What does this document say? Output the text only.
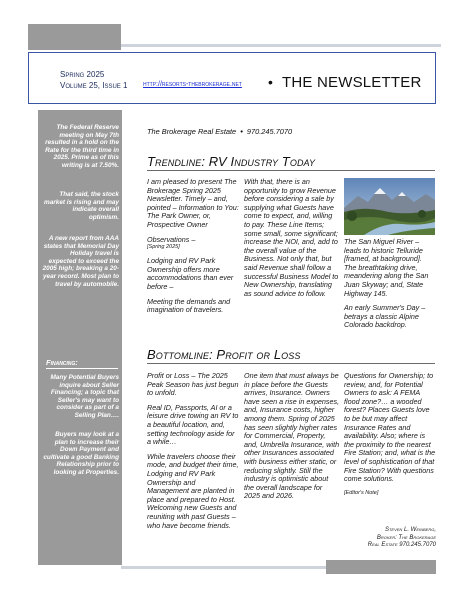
Spring 2025
Volume 25, Issue 1 http://resorts-thebrokerage.net • THE NEWSLETTER
The Federal Reserve meeting on May 7th resulted in a hold on the Rate for the third time in 2025. Prime as of this writing is at 7.50%.
That said, the stock market is rising and may indicate overall optimism.
A new report from AAA states that Memorial Day Holiday travel is expected to exceed the 2005 high; breaking a 20-year record. Most plan to travel by automobile.
Financing:
Many Potential Buyers inquire about Seller Financing; a topic that Seller's may want to consider as part of a Selling Plan….
Buyers may look at a plan to increase their Down Payment and cultivate a good Banking Relationship prior to looking at Properties.
The Brokerage Real Estate • 970.245.7070
Trendline: RV Industry Today

I am pleased to present The Brokerage Spring 2025 Newsletter. Timely – and, pointed – Information to You: The Park Owner, or, Prospective Owner

Observations –

[Spring 2025]

Lodging and RV Park Ownership offers more accommodations than ever before –

Meeting the demands and imagination of travelers.

With that, there is an opportunity to grow Revenue before considering a sale by supplying what Guests have come to expect, and, willing to pay. These Line Items; some small, some significant; increase the NOI, and, add to the overall value of the Business. Not only that, but said Revenue shall follow a successful Business Model to New Ownership, translating as sound advice to follow.

The San Miguel River – leads to historic Telluride [framed, at background]. The breathtaking drive, meandering along the San Juan Skyway; and, State Highway 145.

An early Summer's Day – betrays a classic Alpine Colorado backdrop.

Bottomline: Profit or Loss

Profit or Loss – The 2025 Peak Season has just begun to unfold.

Real ID, Passports, AI or a leisure drive towing an RV to a beautiful location, and, setting technology aside for a while…

While travelers choose their mode, and budget their time, Lodging and RV Park Ownership and Management are planted in place and prepared to Host. Welcoming new Guests and reuniting with past Guests – who have become friends.

One item that must always be in place before the Guests arrives, Insurance. Owners have seen a rise in expenses, and, Insurance costs, higher among them. Spring of 2025 has seen slightly higher rates for Commercial, Property, and, Umbrella Insurance, with other Insurances associated with business either static, or reducing slightly. Still the industry is optimistic about the overall landscape for 2025 and 2026.

Questions for Ownership; to review, and, for Potential Owners to ask: A FEMA flood zone?… a wooded forest? Places Guests love to be but may affect Insurance Rates and availability. Also; where is the proximity to the nearest Fire Station; and, what is the level of sophistication of that Fire Station? With questions come solutions.

[Editor's Note]

Steven L. Weinberg,
Broker: The Brokerage
Real Estate 970.245.7070
